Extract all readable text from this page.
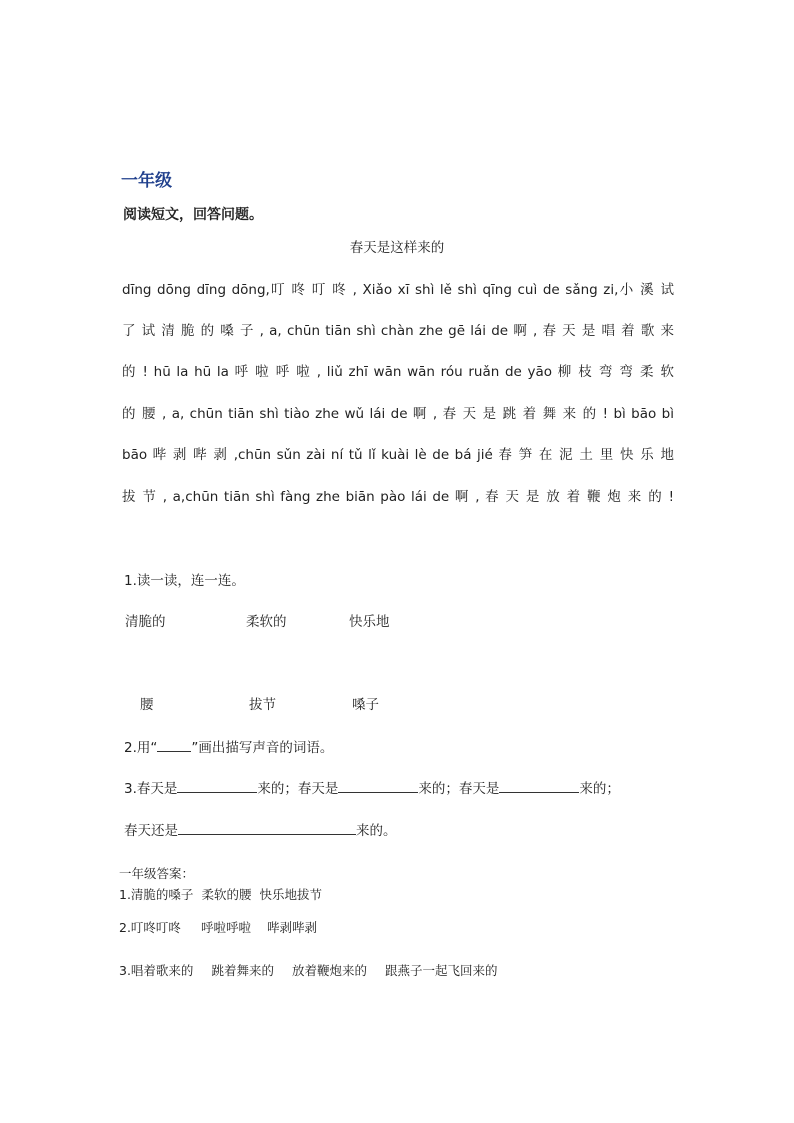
一年级
阅读短文，回答问题。
春天是这样来的
dīng dōng dīng dōng,叮 咚 叮 咚 , Xiǎo xī shì lě shì qīng cuì de sǎng zi,小 溪 试
了 试 清 脆 的 嗓 子 , a, chūn tiān shì chàn zhe gē lái de 啊 , 春 天 是 唱 着 歌 来
的 ! hū la hū la 呼 啦 呼 啦 , liǔ zhī wān wān róu ruǎn de yāo 柳 枝 弯 弯 柔 软
的 腰 , a, chūn tiān shì tiào zhe wǔ lái de 啊 , 春 天 是 跳 着 舞 来 的 ! bì bāo bì
bāo 哔 剥 哔 剥 ,chūn sǔn zài ní tǔ lǐ kuài lè de bá jié 春 笋 在 泥 土 里 快 乐 地
拔 节 , a,chūn tiān shì fàng zhe biān pào lái de 啊 , 春 天 是 放 着 鞭 炮 来 的 !
1.读一读，连一连。
清脆的	柔软的	快乐地
腰	拔节	嗓子
2.用“	”画出描写声音的词语。
3.春天是	来的；春天是	来的；春天是	来的；
春天还是	来的。
一年级答案：
1.清脆的嗓子 柔软的腰 快乐地拔节
2.叮咚叮咚 呼啦呼啦 哔剥哔剥
3.唱着歌来的 跳着舞来的 放着鞭炮来的 跟燕子一起飞回来的
